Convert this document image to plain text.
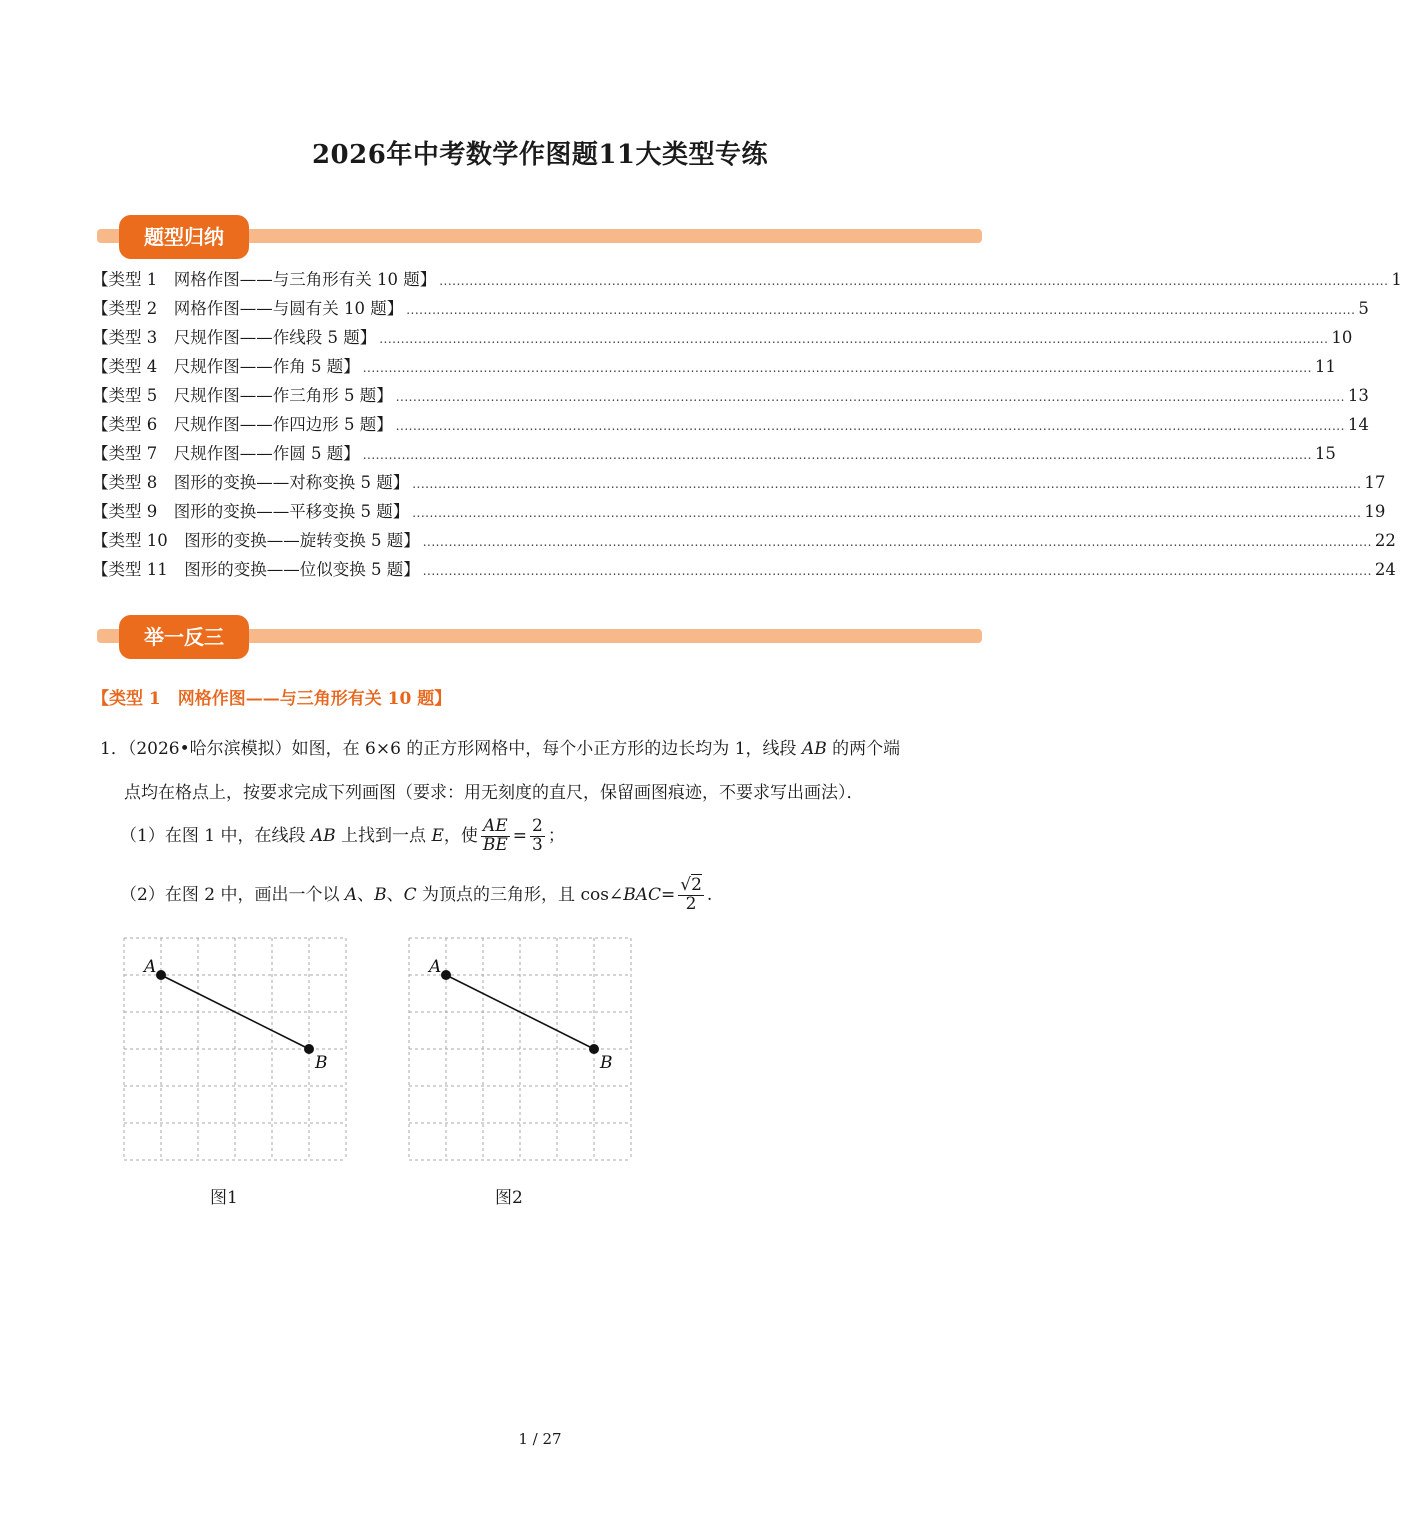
2026年中考数学作图题11大类型专练
题型归纳
【类型 1　网格作图——与三角形有关 10 题】 ............................................................................................................................................................................................................................ 1
【类型 2　网格作图——与圆有关 10 题】 ............................................................................................................................................................................................................................ 5
【类型 3　尺规作图——作线段 5 题】 ............................................................................................................................................................................................................................ 10
【类型 4　尺规作图——作角 5 题】 ............................................................................................................................................................................................................................ 11
【类型 5　尺规作图——作三角形 5 题】 ............................................................................................................................................................................................................................ 13
【类型 6　尺规作图——作四边形 5 题】 ............................................................................................................................................................................................................................ 14
【类型 7　尺规作图——作圆 5 题】 ............................................................................................................................................................................................................................ 15
【类型 8　图形的变换——对称变换 5 题】 ............................................................................................................................................................................................................................ 17
【类型 9　图形的变换——平移变换 5 题】 ............................................................................................................................................................................................................................ 19
【类型 10　图形的变换——旋转变换 5 题】 ............................................................................................................................................................................................................................ 22
【类型 11　图形的变换——位似变换 5 题】 ............................................................................................................................................................................................................................ 24
举一反三
【类型 1　网格作图——与三角形有关 10 题】
1．（2026•哈尔滨模拟）如图，在 6×6 的正方形网格中，每个小正方形的边长均为 1，线段 AB 的两个端
点均在格点上，按要求完成下列画图（要求：用无刻度的直尺，保留画图痕迹，不要求写出画法）．
（1）在图 1 中，在线段 AB 上找到一点 E，使 $\frac{AE}{BE} = \frac{2}{3}$ ；
（2）在图 2 中，画出一个以 A、B、C 为顶点的三角形，且 cos∠BAC= $\frac{√2}{2}$ .
A
B
图1
A
B
图2
1 / 27
